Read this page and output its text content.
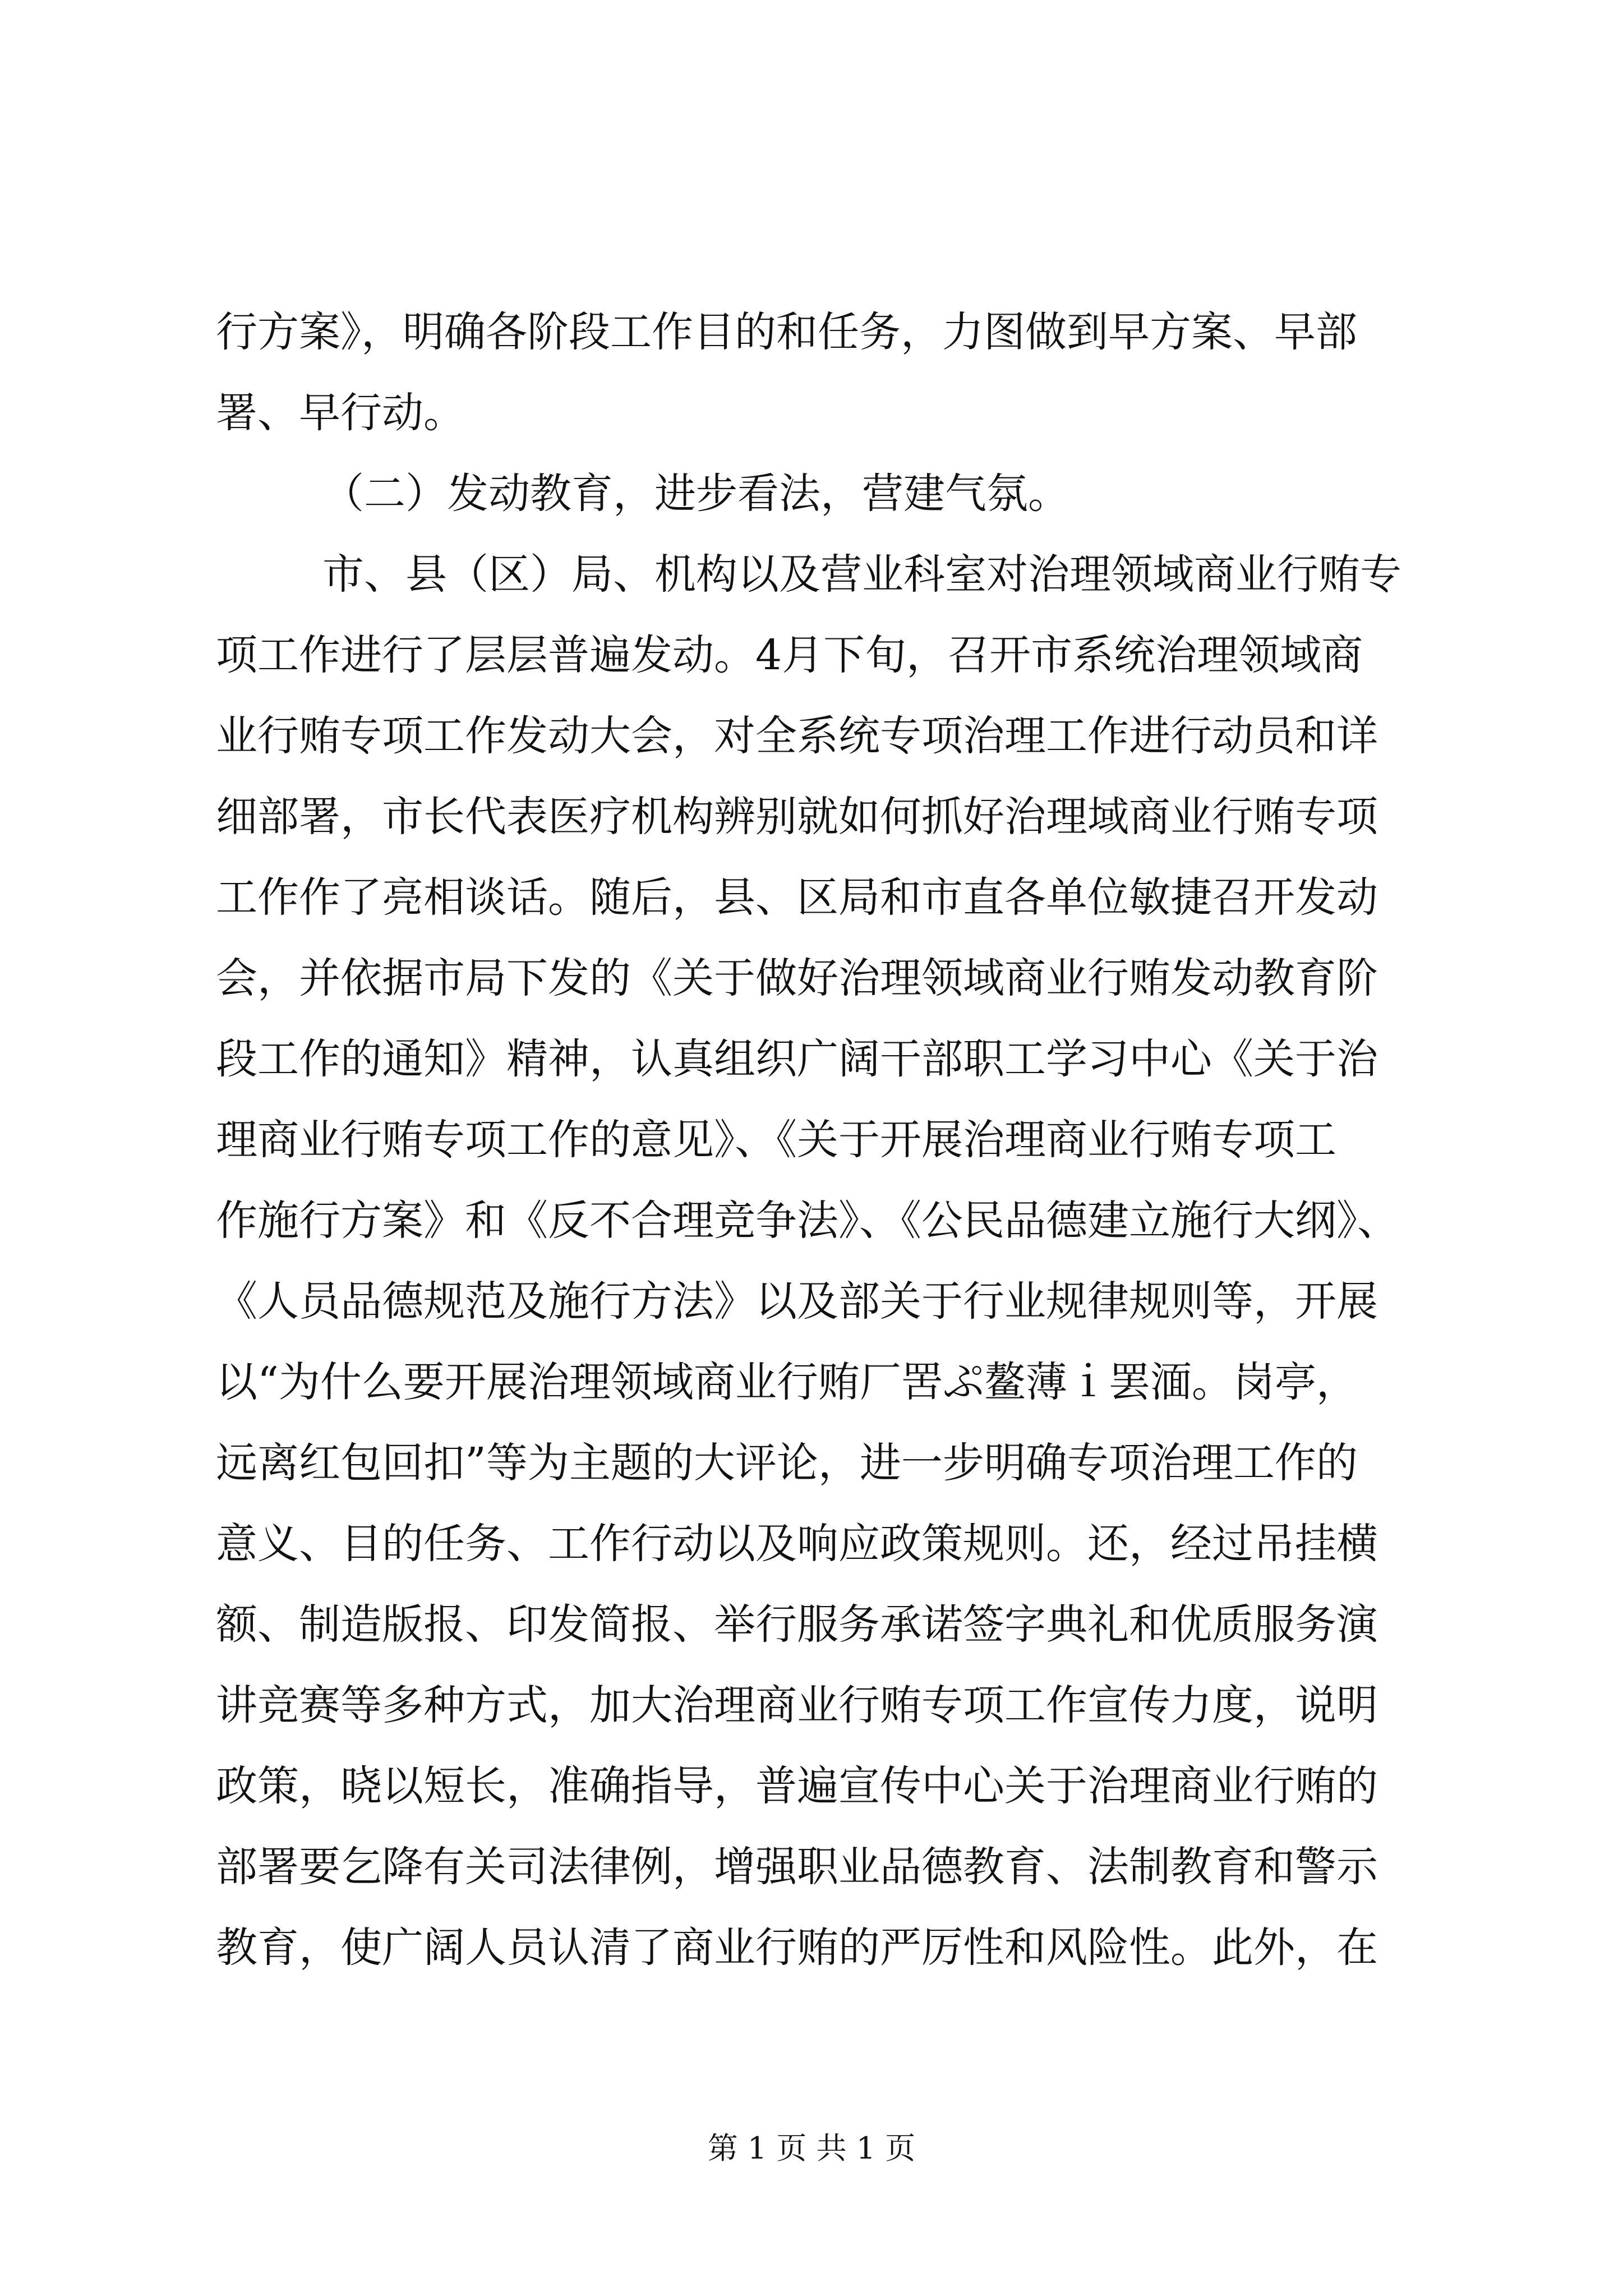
行方案》，明确各阶段工作目的和任务，力图做到早方案、早部
署、早行动。
（二）发动教育，进步看法，营建气氛。
市、县（区）局、机构以及营业科室对治理领域商业行贿专
项工作进行了层层普遍发动。4月下旬，召开市系统治理领域商
业行贿专项工作发动大会，对全系统专项治理工作进行动员和详
细部署，市长代表医疗机构辨别就如何抓好治理域商业行贿专项
工作作了亮相谈话。随后，县、区局和市直各单位敏捷召开发动
会，并依据市局下发的《关于做好治理领域商业行贿发动教育阶
段工作的通知》精神，认真组织广阔干部职工学习中心《关于治
理商业行贿专项工作的意见》、《关于开展治理商业行贿专项工
作施行方案》和《反不合理竞争法》、《公民品德建立施行大纲》、
《人员品德规范及施行方法》以及部关于行业规律规则等，开展
以“为什么要开展治理领域商业行贿厂罟ぷ鳌薄ｉ罢湎。岗亭，
远离红包回扣”等为主题的大评论，进一步明确专项治理工作的
意义、目的任务、工作行动以及响应政策规则。还，经过吊挂横
额、制造版报、印发简报、举行服务承诺签字典礼和优质服务演
讲竞赛等多种方式，加大治理商业行贿专项工作宣传力度，说明
政策，晓以短长，准确指导，普遍宣传中心关于治理商业行贿的
部署要乞降有关司法律例，增强职业品德教育、法制教育和警示
教育，使广阔人员认清了商业行贿的严厉性和风险性。此外，在
第 1 页 共 1 页
